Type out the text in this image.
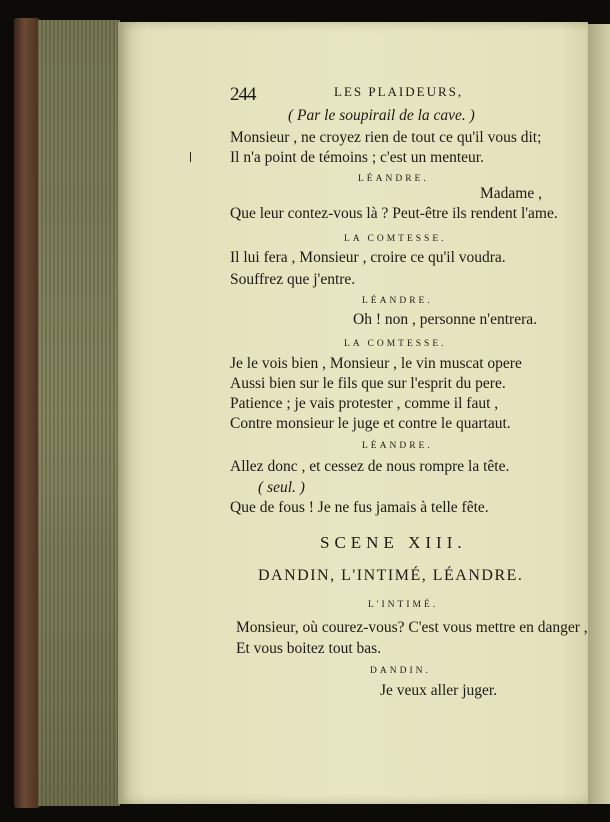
244	LES PLAIDEURS,
( Par le soupirail de la cave. )
Monsieur , ne croyez rien de tout ce qu'il vous dit;
Il n'a point de témoins ; c'est un menteur.
LÉANDRE.
Madame ,
Que leur contez-vous là ? Peut-être ils rendent l'ame.
LA COMTESSE.
Il lui fera , Monsieur , croire ce qu'il voudra.
Souffrez que j'entre.
LÉANDRE.
Oh ! non , personne n'entrera.
LA COMTESSE.
Je le vois bien , Monsieur , le vin muscat opere
Aussi bien sur le fils que sur l'esprit du pere.
Patience ; je vais protester , comme il faut ,
Contre monsieur le juge et contre le quartaut.
LÉANDRE.
Allez donc , et cessez de nous rompre la tête.
( seul. )
Que de fous ! Je ne fus jamais à telle fête.
SCENE XIII.
DANDIN, L'INTIMÉ, LÉANDRE.
L'INTIMÉ.
Monsieur, où courez-vous? C'est vous mettre en danger ,
Et vous boitez tout bas.
DANDIN.
Je veux aller juger.
